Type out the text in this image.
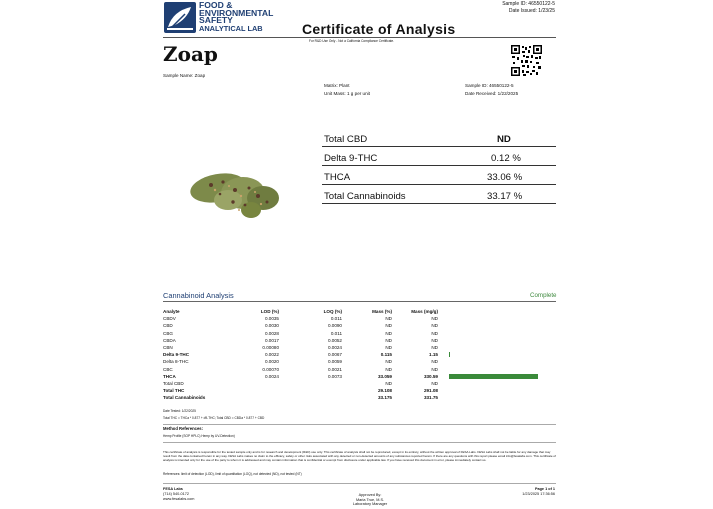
FOOD &
ENVIRONMENTAL
SAFETY
ANALYTICAL LAB
Sample ID: 46550122-5
Date Issued: 1/23/25
Certificate of Analysis
For R&D Use Only - Not a California Compliance Certificate.
Zoap
Sample Name: Zoap
Matrix: Plant
Unit Mass: 1 g per unit
Sample ID: 46550122-5
Date Received: 1/22/2025
Total CBD	ND
Delta 9-THC	0.12 %
THCA	33.06 %
Total Cannabinoids	33.17 %
Cannabinoid Analysis	Complete
Analyte	LOD (%)	LOQ (%)	Mass (%)	Mass (mg/g)	
CBDV	0.0035	0.011	ND	ND	
CBD	0.0030	0.0090	ND	ND	
CBG	0.0028	0.011	ND	ND	
CBDA	0.0017	0.0052	ND	ND	
CBN	0.00080	0.0024	ND	ND	
Delta 9-THC	0.0022	0.0067	0.115	1.15	

Delta 8-THC	0.0020	0.0059	ND	ND	
CBC	0.00070	0.0021	ND	ND	
THCA	0.0024	0.0073	33.059	330.59	

Total CBD			ND	ND	
Total THC			29.108	291.08	
Total Cannabinoids			33.175	331.75	
Date Tested: 1/22/2025
Total THC = THCa * 0.877 + d9-THC; Total CBD = CBDa * 0.877 + CBD
Method References:
Hemp Profile (SOP HPLC) Hemp by UV-Detection)
This certificate of analysis is responsible for the tested sample only and is for research and development (R&D) use only. This certificate of analysis shall not be reproduced, except in its entirety, without the written approval of FESA Labs. FESA Labs shall not be liable for any damage that may result from the data contained herein in any way. FESA Labs makes no claim to the efficacy, safety or other risks associated with any detected or non-detected amounts of any substances reported herein. If there are any questions with this report please email info@fesalabs.com. This certificate of analysis is intended only for the use of the party to whom it is addressed and may contain information that is confidential or exempt from disclosure under applicable law. If you have received this document in error, please immediately contact us.
References: limit of detection (LOD), limit of quantitation (LOQ), not detected (ND), not tested (NT)
FESA Labs
(714) 540-0172
www.fesalabs.com
Approved By:
Maria True, M.S.
Laboratory Manager
Page 1 of 1
1/23/2025 17:36:56
